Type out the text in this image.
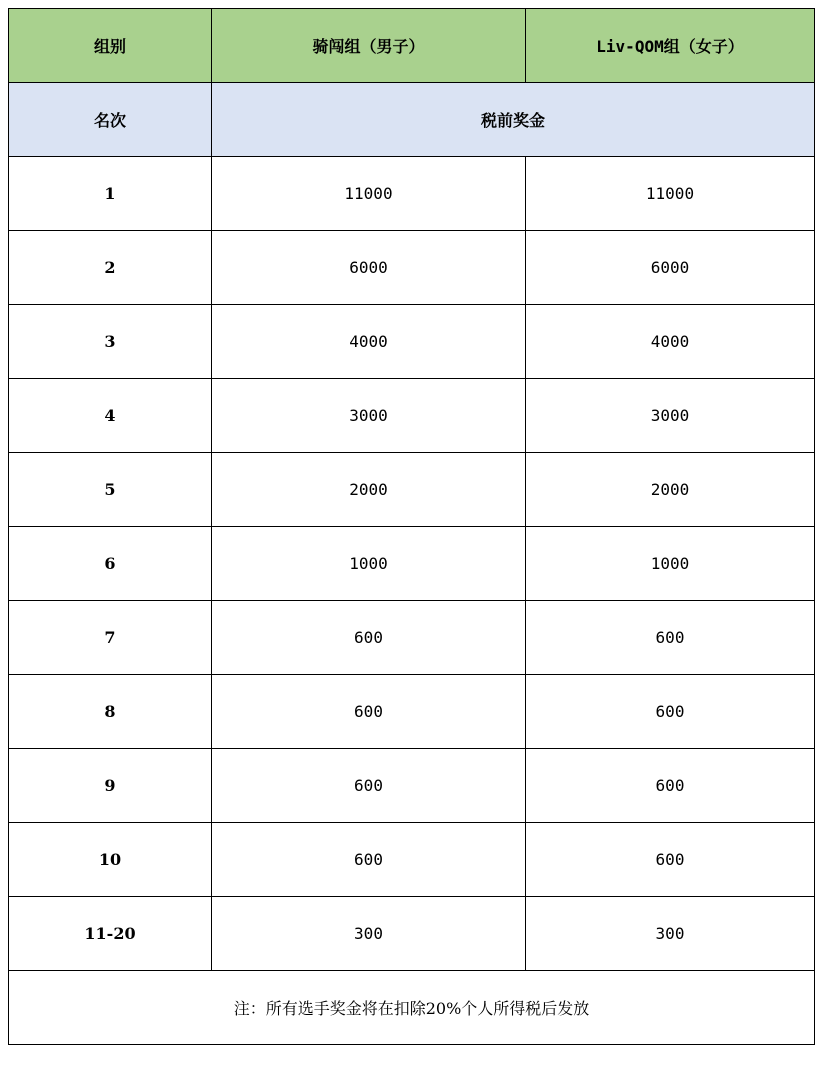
组别	骑闯组（男子）	Liv-QOM组（女子）
名次	税前奖金	
1	11000	11000
2	6000	6000
3	4000	4000
4	3000	3000
5	2000	2000
6	1000	1000
7	600	600
8	600	600
9	600	600
10	600	600
11-20	300	300
注：所有选手奖金将在扣除20%个人所得税后发放		
